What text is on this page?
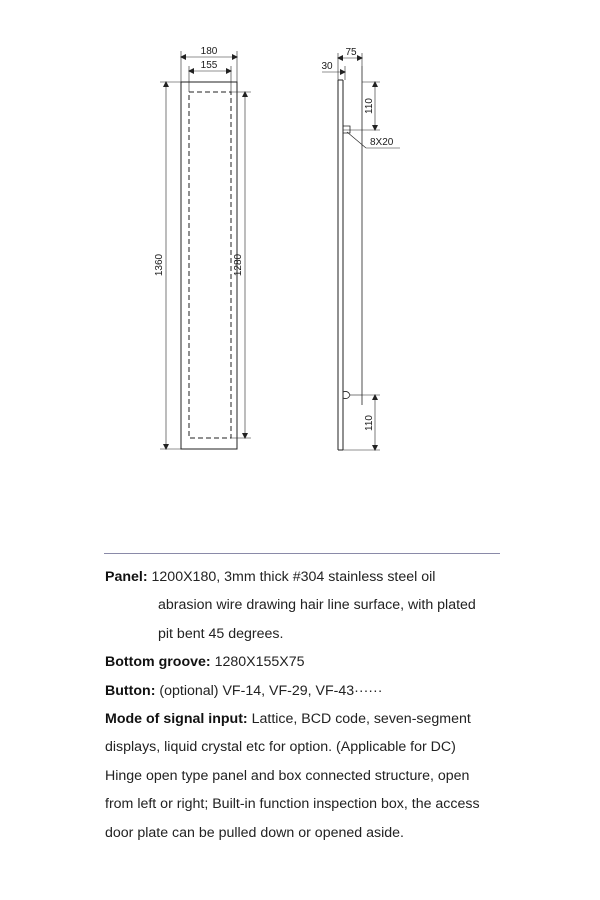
180
155
1360	1280
75
30
110
8X20
110
Panel: 1200X180, 3mm thick #304 stainless steel oil
abrasion wire drawing hair line surface, with plated
pit bent 45 degrees.
Bottom groove: 1280X155X75
Button: (optional) VF-14, VF-29, VF-43······
Mode of signal input: Lattice, BCD code, seven-segment
displays, liquid crystal etc for option. (Applicable for DC)
Hinge open type panel and box connected structure, open
from left or right; Built-in function inspection box, the access
door plate can be pulled down or opened aside.
